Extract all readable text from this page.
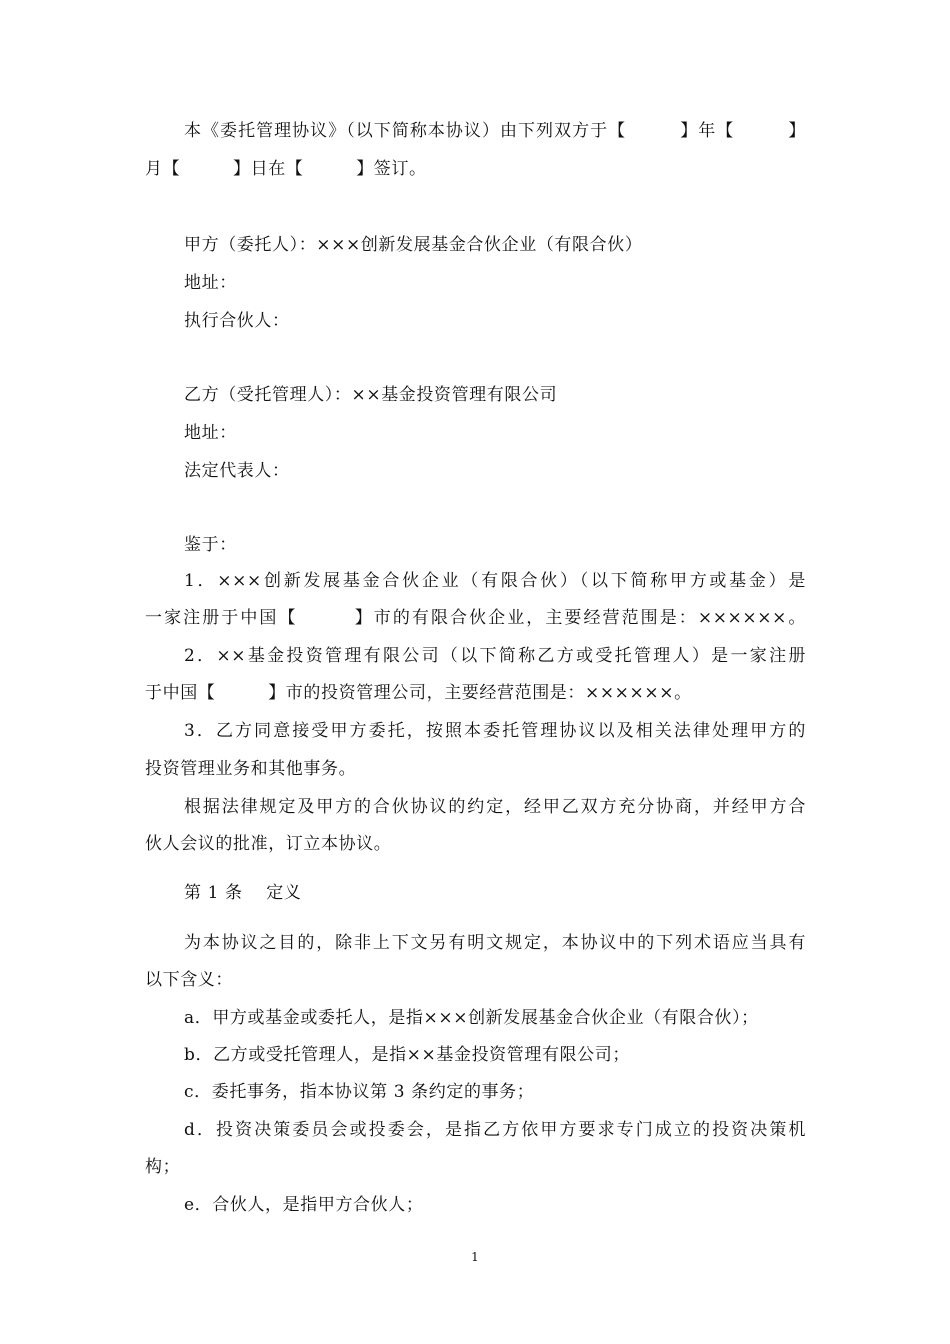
本《委托管理协议》（以下简称本协议）由下列双方于【　　　】年【　　　】
月【　　　】日在【　　　】签订。
甲方（委托人）：×××创新发展基金合伙企业（有限合伙）
地址：
执行合伙人：
乙方（受托管理人）：××基金投资管理有限公司
地址：
法定代表人：
鉴于：
1．×××创新发展基金合伙企业（有限合伙）（以下简称甲方或基金）是
一家注册于中国【　　　】市的有限合伙企业，主要经营范围是：××××××。
2．××基金投资管理有限公司（以下简称乙方或受托管理人）是一家注册
于中国【　　　】市的投资管理公司，主要经营范围是：××××××。
3．乙方同意接受甲方委托，按照本委托管理协议以及相关法律处理甲方的
投资管理业务和其他事务。
根据法律规定及甲方的合伙协议的约定，经甲乙双方充分协商，并经甲方合
伙人会议的批准，订立本协议。
第 1 条　 定义
为本协议之目的，除非上下文另有明文规定，本协议中的下列术语应当具有
以下含义：
a．甲方或基金或委托人，是指×××创新发展基金合伙企业（有限合伙）；
b．乙方或受托管理人，是指××基金投资管理有限公司；
c．委托事务，指本协议第 3 条约定的事务；
d．投资决策委员会或投委会，是指乙方依甲方要求专门成立的投资决策机
构；
e．合伙人，是指甲方合伙人；
1
